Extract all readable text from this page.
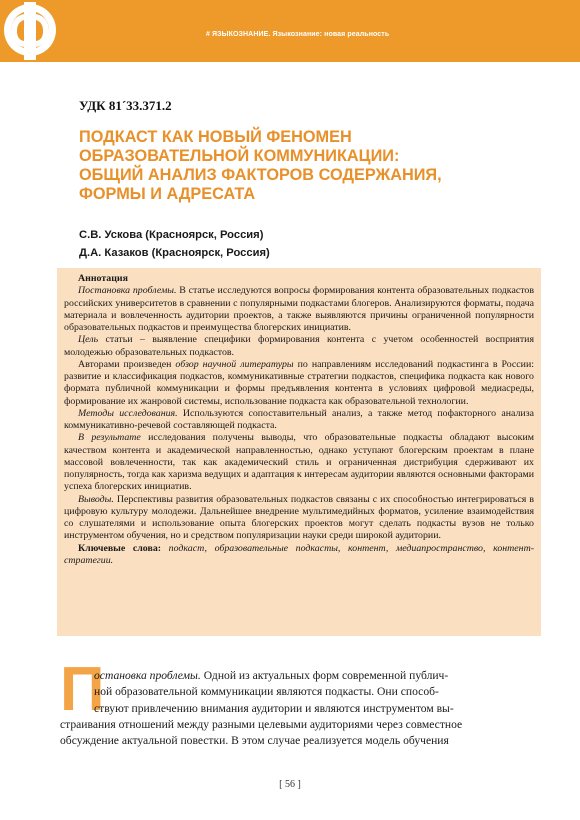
# ЯЗЫКОЗНАНИЕ. Языкознание: новая реальность
УДК 81´33.371.2
ПОДКАСТ КАК НОВЫЙ ФЕНОМЕН
ОБРАЗОВАТЕЛЬНОЙ КОММУНИКАЦИИ:
ОБЩИЙ АНАЛИЗ ФАКТОРОВ СОДЕРЖАНИЯ,
ФОРМЫ И АДРЕСАТА
С.В. Ускова (Красноярск, Россия)
Д.А. Казаков (Красноярск, Россия)

Аннотация

Постановка проблемы. В статье исследуются вопросы формирования контента образовательных подкастов российских университетов в сравнении с популярными подкастами блогеров. Анализируются форматы, подача материала и вовлеченность аудитории проектов, а также выявляются причины ограниченной популярности образовательных подкастов и преимущества блогерских инициатив.

Цель статьи – выявление специфики формирования контента с учетом особенностей восприятия молодежью образовательных подкастов.

Авторами произведен обзор научной литературы по направлениям исследований подкастинга в России: развитие и классификация подкастов, коммуникативные стратегии подкастов, специфика подкаста как нового формата публичной коммуникации и формы предъявления контента в условиях цифровой медиасреды, формирование их жанровой системы, использование подкаста как образовательной технологии.

Методы исследования. Используются сопоставительный анализ, а также метод пофакторного анализа коммуникативно-речевой составляющей подкаста.

В результате исследования получены выводы, что образовательные подкасты обладают высоким качеством контента и академической направленностью, однако уступают блогерским проектам в плане массовой вовлеченности, так как академический стиль и ограниченная дистрибуция сдерживают их популярность, тогда как харизма ведущих и адаптация к интересам аудитории являются основными факторами успеха блогерских инициатив.

Выводы. Перспективы развития образовательных подкастов связаны с их способностью интегрироваться в цифровую культуру молодежи. Дальнейшее внедрение мультимедийных форматов, усиление взаимодействия со слушателями и использование опыта блогерских проектов могут сделать подкасты вузов не только инструментом обучения, но и средством популяризации науки среди широкой аудитории.

Ключевые слова: подкаст, образовательные подкасты, контент, медиапространство, контент-стратегии.

П

остановка проблемы. Одной из актуальных форм современной публич-

ной образовательной коммуникации являются подкасты. Они способ-

ствуют привлечению внимания аудитории и являются инструментом вы-

страивания отношений между разными целевыми аудиториями через совместное

обсуждение актуальной повестки. В этом случае реализуется модель обучения

[ 56 ]
